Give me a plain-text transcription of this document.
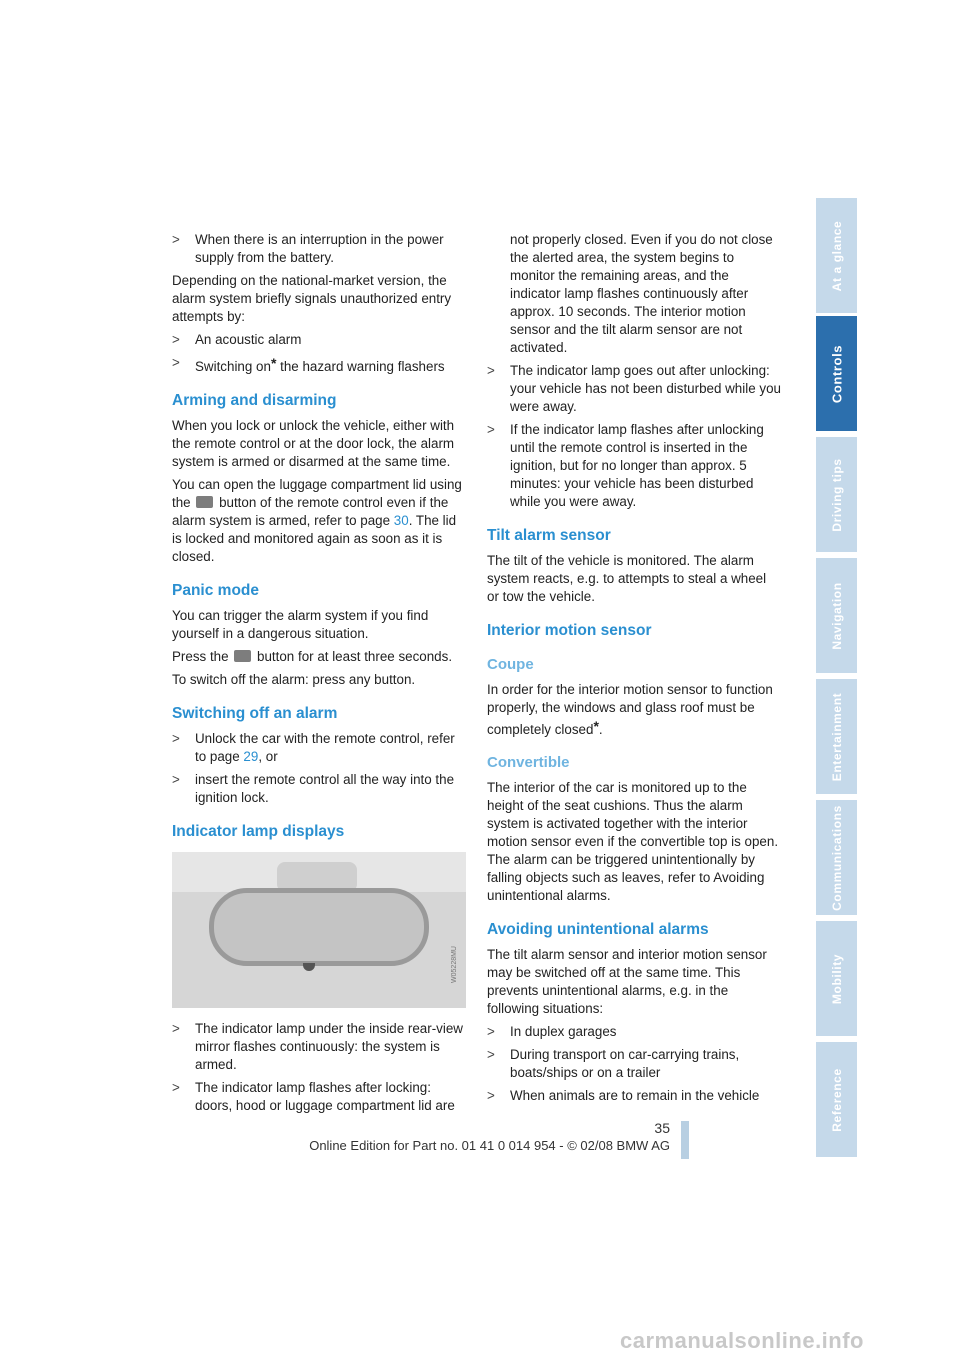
>	When there is an interruption in the power supply from the battery.

Depending on the national-market version, the alarm system briefly signals unauthorized entry attempts by:

>	An acoustic alarm
>	Switching on* the hazard warning flashers
Arming and disarming

When you lock or unlock the vehicle, either with the remote control or at the door lock, the alarm system is armed or disarmed at the same time.

You can open the luggage compartment lid using the  button of the remote control even if the alarm system is armed, refer to page 30. The lid is locked and monitored again as soon as it is closed.

Panic mode

You can trigger the alarm system if you find yourself in a dangerous situation.

Press the  button for at least three seconds.

To switch off the alarm: press any button.

Switching off an alarm
>	Unlock the car with the remote control, refer to page 29, or
>	insert the remote control all the way into the ignition lock.
Indicator lamp displays
W05228MU
>	The indicator lamp under the inside rear-view mirror flashes continuously: the system is armed.
>	The indicator lamp flashes after locking: doors, hood or luggage compartment lid are
not properly closed. Even if you do not close the alerted area, the system begins to monitor the remaining areas, and the indicator lamp flashes continuously after approx. 10 seconds. The interior motion sensor and the tilt alarm sensor are not activated.
>	The indicator lamp goes out after unlocking: your vehicle has not been disturbed while you were away.
>	If the indicator lamp flashes after unlocking until the remote control is inserted in the ignition, but for no longer than approx. 5 minutes: your vehicle has been disturbed while you were away.
Tilt alarm sensor

The tilt of the vehicle is monitored. The alarm system reacts, e.g. to attempts to steal a wheel or tow the vehicle.

Interior motion sensor
Coupe

In order for the interior motion sensor to function properly, the windows and glass roof must be completely closed*.

Convertible

The interior of the car is monitored up to the height of the seat cushions. Thus the alarm system is activated together with the interior motion sensor even if the convertible top is open. The alarm can be triggered unintentionally by falling objects such as leaves, refer to Avoiding unintentional alarms.

Avoiding unintentional alarms

The tilt alarm sensor and interior motion sensor may be switched off at the same time. This prevents unintentional alarms, e.g. in the following situations:

>	In duplex garages
>	During transport on car-carrying trains, boats/ships or on a trailer
>	When animals are to remain in the vehicle
At a glance
Controls
Driving tips
Navigation
Entertainment
Communications
Mobility
Reference
35
Online Edition for Part no. 01 41 0 014 954 - © 02/08 BMW AG
carmanualsonline.info
